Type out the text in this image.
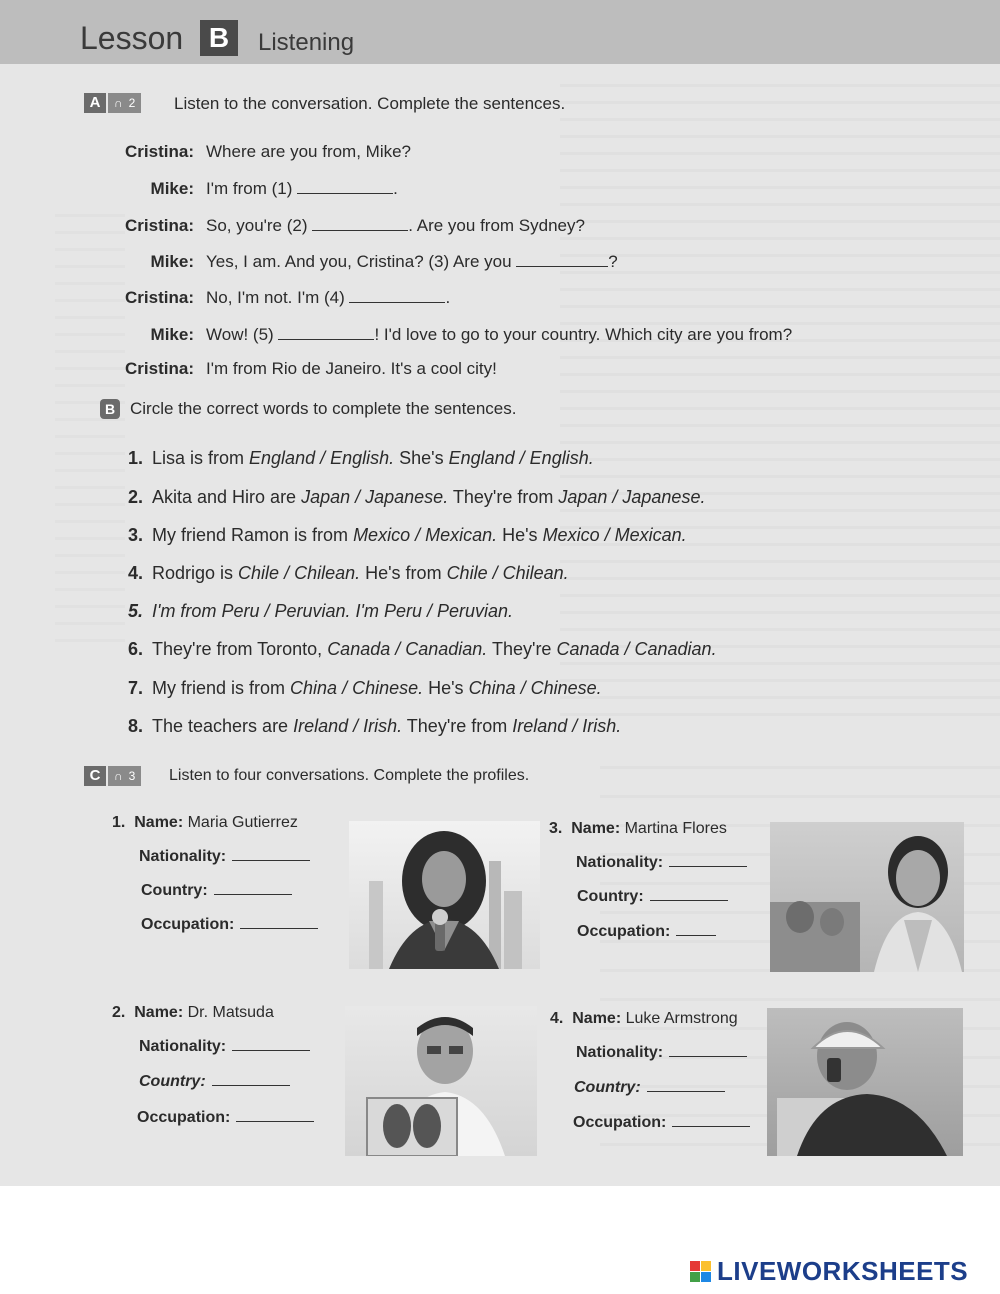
Lesson B	Listening
A	∩ 2 Listen to the conversation. Complete the sentences.
Cristina: Where are you from, Mike?
Mike: I'm from (1)	.
Cristina: So, you're (2)	. Are you from Sydney?
Mike: Yes, I am. And you, Cristina? (3) Are you	?
Cristina: No, I'm not. I'm (4)	.
Mike: Wow! (5)	! I'd love to go to your country. Which city are you from?
Cristina: I'm from Rio de Janeiro. It's a cool city!
B Circle the correct words to complete the sentences.
1. Lisa is from England / English. She's England / English.
2. Akita and Hiro are Japan / Japanese. They're from Japan / Japanese.
3. My friend Ramon is from Mexico / Mexican. He's Mexico / Mexican.
4. Rodrigo is Chile / Chilean. He's from Chile / Chilean.
5. I'm from Peru / Peruvian. I'm Peru / Peruvian.
6. They're from Toronto, Canada / Canadian. They're Canada / Canadian.
7. My friend is from China / Chinese. He's China / Chinese.
8. The teachers are Ireland / Irish. They're from Ireland / Irish.
C	∩ 3 Listen to four conversations. Complete the profiles.
1. Name: Maria Gutierrez
Nationality:
Country:
Occupation:
2. Name: Dr. Matsuda
Nationality:
Country:
Occupation:
3. Name: Martina Flores
Nationality:
Country:
Occupation:
4. Name: Luke Armstrong
Nationality:
Country:
Occupation:
LIVEWORKSHEETS
